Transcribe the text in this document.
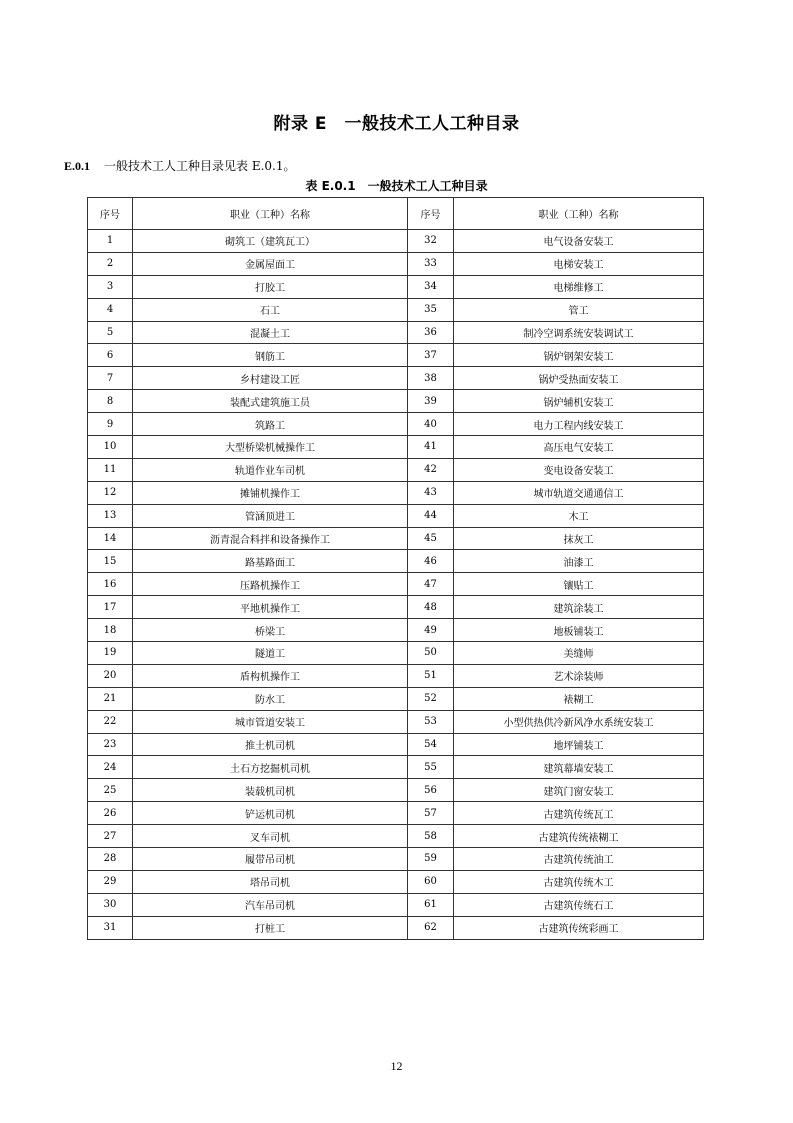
附录 E　一般技术工人工种目录
E.0.1 一般技术工人工种目录见表 E.0.1。
表 E.0.1　一般技术工人工种目录
序号	职业（工种）名称	序号	职业（工种）名称
1	砌筑工（建筑瓦工）	32	电气设备安装工
2	金属屋面工	33	电梯安装工
3	打胶工	34	电梯维修工
4	石工	35	管工
5	混凝土工	36	制冷空调系统安装调试工
6	钢筋工	37	锅炉钢架安装工
7	乡村建设工匠	38	锅炉受热面安装工
8	装配式建筑施工员	39	锅炉辅机安装工
9	筑路工	40	电力工程内线安装工
10	大型桥梁机械操作工	41	高压电气安装工
11	轨道作业车司机	42	变电设备安装工
12	摊铺机操作工	43	城市轨道交通通信工
13	管涵顶进工	44	木工
14	沥青混合料拌和设备操作工	45	抹灰工
15	路基路面工	46	油漆工
16	压路机操作工	47	镶贴工
17	平地机操作工	48	建筑涂装工
18	桥梁工	49	地板铺装工
19	隧道工	50	美缝师
20	盾构机操作工	51	艺术涂装师
21	防水工	52	裱糊工
22	城市管道安装工	53	小型供热供冷新风净水系统安装工
23	推土机司机	54	地坪铺装工
24	土石方挖掘机司机	55	建筑幕墙安装工
25	装载机司机	56	建筑门窗安装工
26	铲运机司机	57	古建筑传统瓦工
27	叉车司机	58	古建筑传统裱糊工
28	履带吊司机	59	古建筑传统油工
29	塔吊司机	60	古建筑传统木工
30	汽车吊司机	61	古建筑传统石工
31	打桩工	62	古建筑传统彩画工
12
